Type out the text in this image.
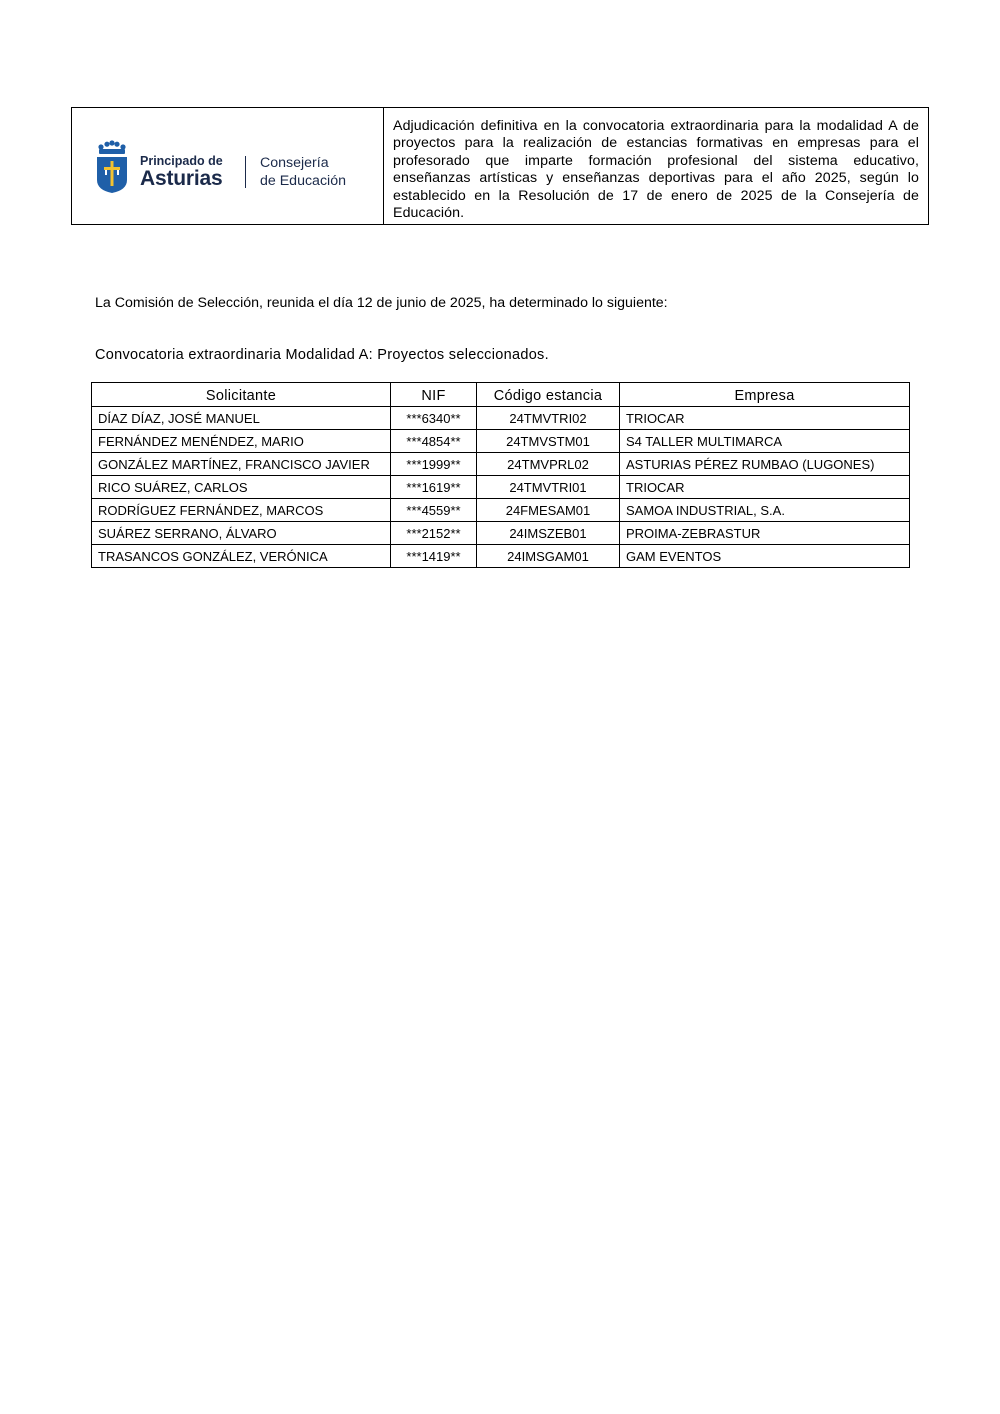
Principado de
Asturias
Consejería
de Educación
Adjudicación definitiva en la convocatoria extraordinaria para la modalidad A de proyectos para la realización de estancias formativas en empresas para el profesorado que imparte formación profesional del sistema educativo, enseñanzas artísticas y enseñanzas deportivas para el año 2025, según lo establecido en la Resolución de 17 de enero de 2025 de la Consejería de Educación.
La Comisión de Selección, reunida el día 12 de junio de 2025, ha determinado lo siguiente:
Convocatoria extraordinaria Modalidad A: Proyectos seleccionados.
Solicitante	NIF	Código estancia	Empresa
DÍAZ DÍAZ, JOSÉ MANUEL	***6340**	24TMVTRI02	TRIOCAR
FERNÁNDEZ MENÉNDEZ, MARIO	***4854**	24TMVSTM01	S4 TALLER MULTIMARCA
GONZÁLEZ MARTÍNEZ, FRANCISCO JAVIER	***1999**	24TMVPRL02	ASTURIAS PÉREZ RUMBAO (LUGONES)
RICO SUÁREZ, CARLOS	***1619**	24TMVTRI01	TRIOCAR
RODRÍGUEZ FERNÁNDEZ, MARCOS	***4559**	24FMESAM01	SAMOA INDUSTRIAL, S.A.
SUÁREZ SERRANO, ÁLVARO	***2152**	24IMSZEB01	PROIMA-ZEBRASTUR
TRASANCOS GONZÁLEZ, VERÓNICA	***1419**	24IMSGAM01	GAM EVENTOS
